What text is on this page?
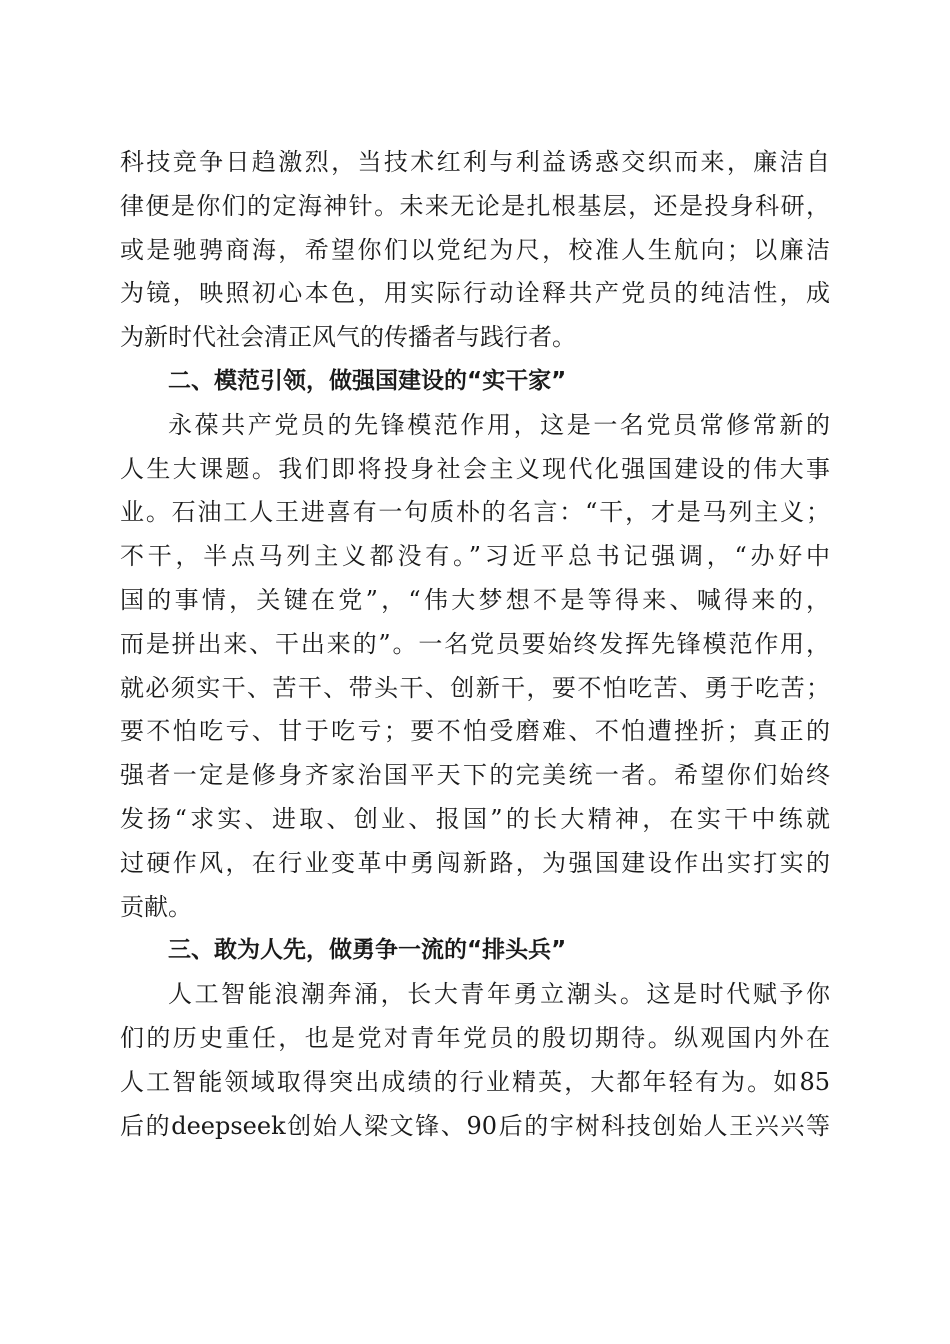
科技竞争日趋激烈，当技术红利与利益诱惑交织而来，廉洁自
律便是你们的定海神针。未来无论是扎根基层，还是投身科研，
或是驰骋商海，希望你们以党纪为尺，校准人生航向；以廉洁
为镜，映照初心本色，用实际行动诠释共产党员的纯洁性，成
为新时代社会清正风气的传播者与践行者。
二、模范引领，做强国建设的“实干家”
永葆共产党员的先锋模范作用，这是一名党员常修常新的
人生大课题。我们即将投身社会主义现代化强国建设的伟大事
业。石油工人王进喜有一句质朴的名言：“干，才是马列主义；
不干，半点马列主义都没有。”习近平总书记强调，“办好中
国的事情，关键在党”，“伟大梦想不是等得来、喊得来的，
而是拼出来、干出来的”。一名党员要始终发挥先锋模范作用，
就必须实干、苦干、带头干、创新干，要不怕吃苦、勇于吃苦；
要不怕吃亏、甘于吃亏；要不怕受磨难、不怕遭挫折；真正的
强者一定是修身齐家治国平天下的完美统一者。希望你们始终
发扬“求实、进取、创业、报国”的长大精神，在实干中练就
过硬作风，在行业变革中勇闯新路，为强国建设作出实打实的
贡献。
三、敢为人先，做勇争一流的“排头兵”
人工智能浪潮奔涌，长大青年勇立潮头。这是时代赋予你
们的历史重任，也是党对青年党员的殷切期待。纵观国内外在
人工智能领域取得突出成绩的行业精英，大都年轻有为。如85
后的deepseek创始人梁文锋、90后的宇树科技创始人王兴兴等
